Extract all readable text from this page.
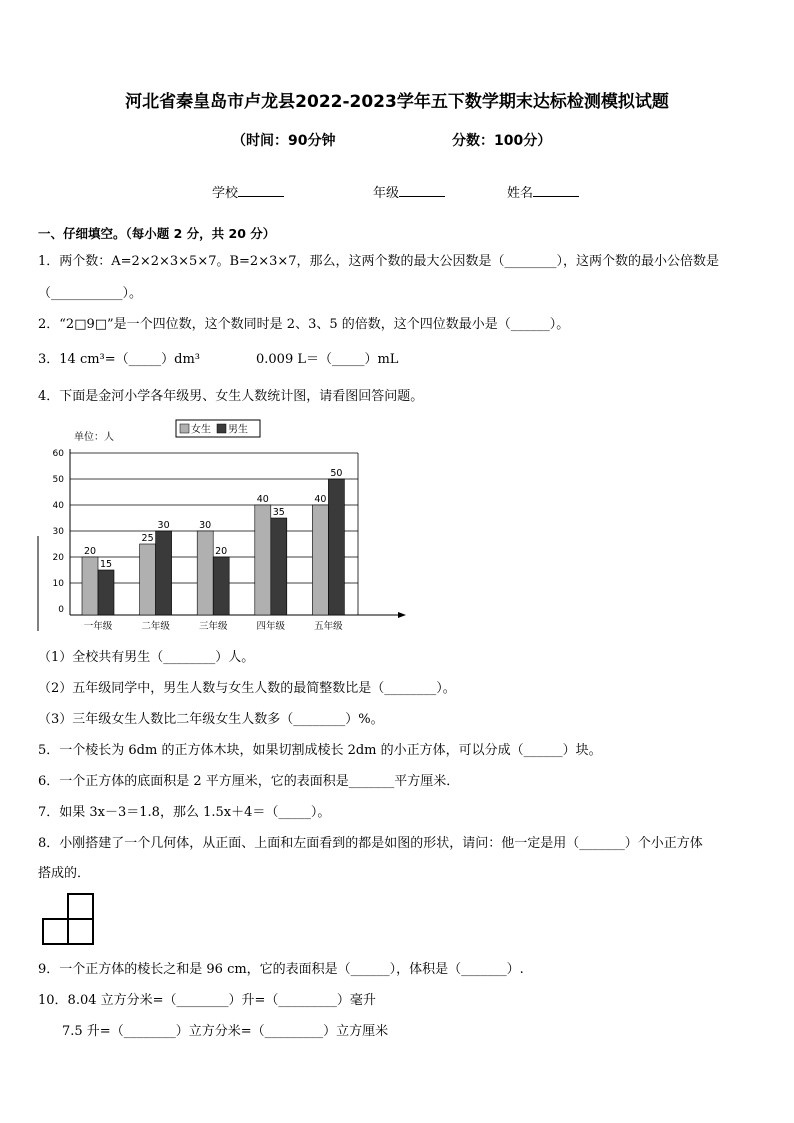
河北省秦皇岛市卢龙县2022-2023学年五下数学期末达标检测模拟试题
（时间：90分钟	分数：100分）
学校	年级	姓名
一、仔细填空。（每小题 2 分，共 20 分）
1．两个数：A=2×2×3×5×7。B=2×3×7，那么，这两个数的最大公因数是（________），这两个数的最小公倍数是
（___________）。
2．“2□9□”是一个四位数，这个数同时是 2、3、5 的倍数，这个四位数最小是（______）。
3．14 cm³=（_____）dm³	0.009 L＝（_____）mL
4．下面是金河小学各年级男、女生人数统计图，请看图回答问题。
单位：人
0
10
20
30
40
50
60
20
15
一年级
25
30
二年级
30
20
三年级
40
35
四年级
40
50
五年级
女生 男生
（1）全校共有男生（________）人。
（2）五年级同学中，男生人数与女生人数的最简整数比是（________）。
（3）三年级女生人数比二年级女生人数多（________）%。
5．一个棱长为 6dm 的正方体木块，如果切割成棱长 2dm 的小正方体，可以分成（______）块。
6．一个正方体的底面积是 2 平方厘米，它的表面积是_______平方厘米．
7．如果 3x－3＝1.8，那么 1.5x＋4＝（_____）。
8．小刚搭建了一个几何体，从正面、上面和左面看到的都是如图的形状，请问：他一定是用（_______）个小正方体
搭成的．
9．一个正方体的棱长之和是 96 cm，它的表面积是（______），体积是（_______）.
10．8.04 立方分米=（________）升=（_________）毫升
7.5 升=（________）立方分米=（_________）立方厘米
